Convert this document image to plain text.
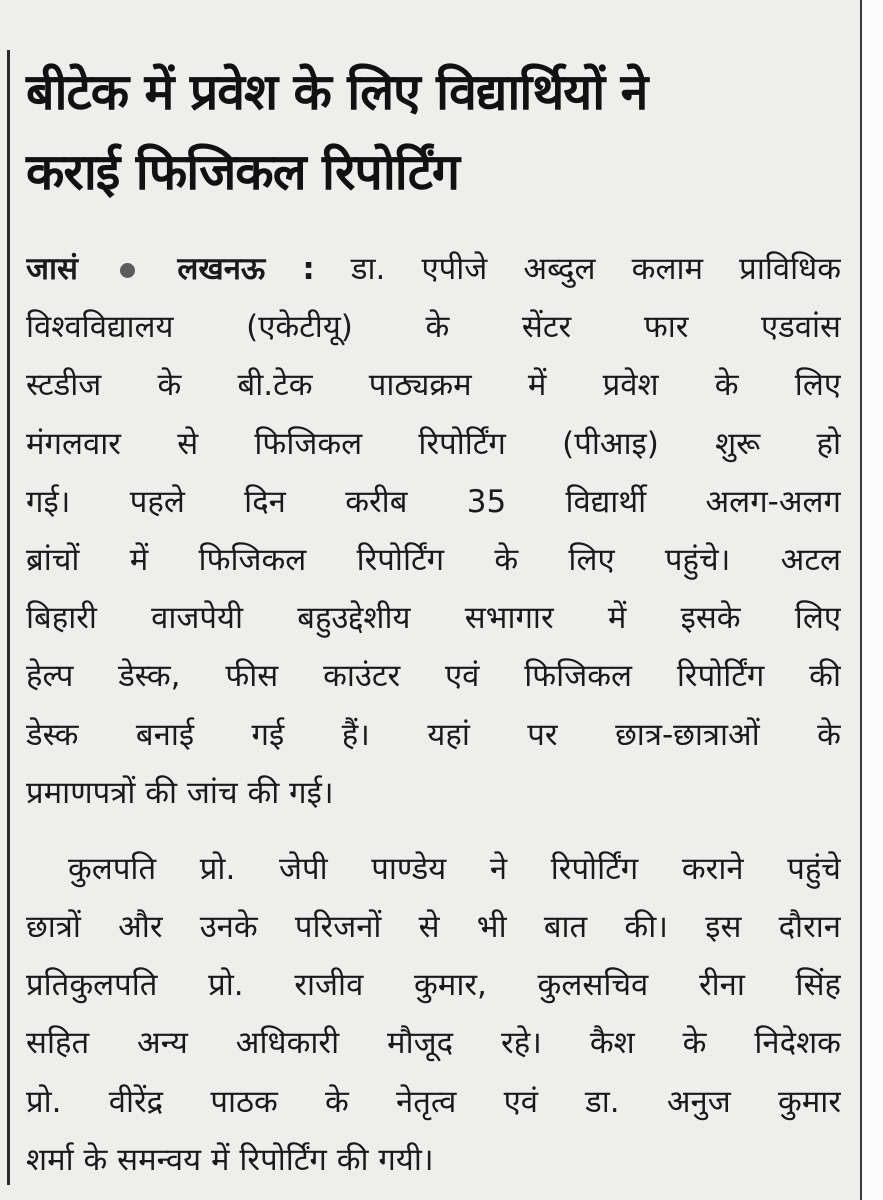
बीटेक में प्रवेश के लिए विद्यार्थियों ने
कराई फिजिकल रिपोर्टिंग
जासं	लखनऊ : डा. एपीजे अब्दुल कलाम प्राविधिक
विश्वविद्यालय (एकेटीयू) के सेंटर फार एडवांस
स्टडीज के बी.टेक पाठ्यक्रम में प्रवेश के लिए
मंगलवार से फिजिकल रिपोर्टिंग (पीआइ) शुरू हो
गई। पहले दिन करीब 35 विद्यार्थी अलग-अलग
ब्रांचों में फिजिकल रिपोर्टिंग के लिए पहुंचे। अटल
बिहारी वाजपेयी बहुउद्देशीय सभागार में इसके लिए
हेल्प डेस्क, फीस काउंटर एवं फिजिकल रिपोर्टिंग की
डेस्क बनाई गई हैं। यहां पर छात्र-छात्राओं के
प्रमाणपत्रों की जांच की गई।
कुलपति प्रो. जेपी पाण्डेय ने रिपोर्टिंग कराने पहुंचे
छात्रों और उनके परिजनों से भी बात की। इस दौरान
प्रतिकुलपति प्रो. राजीव कुमार, कुलसचिव रीना सिंह
सहित अन्य अधिकारी मौजूद रहे। कैश के निदेशक
प्रो. वीरेंद्र पाठक के नेतृत्व एवं डा. अनुज कुमार
शर्मा के समन्वय में रिपोर्टिंग की गयी।
